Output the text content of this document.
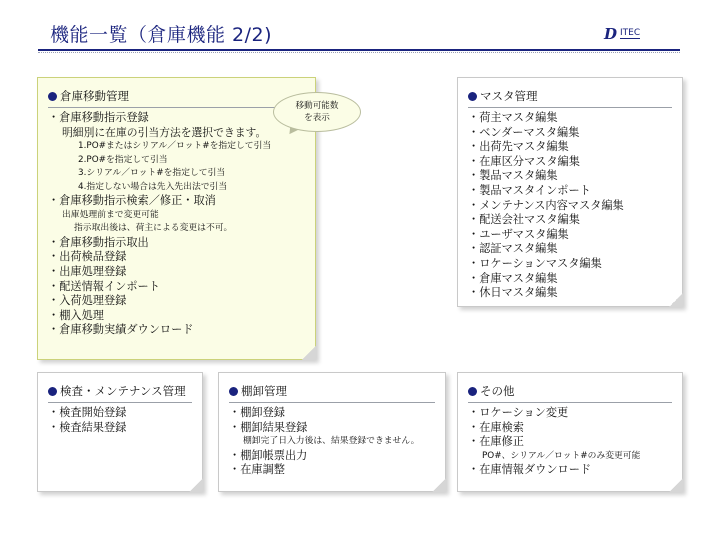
機能一覧（倉庫機能 2/2)	D ITEC
倉庫移動管理
・倉庫移動指示登録
明細別に在庫の引当方法を選択できます。
1.PO#またはシリアル／ロット#を指定して引当
2.PO#を指定して引当
3.シリアル／ロット#を指定して引当
4.指定しない場合は先入先出法で引当
・倉庫移動指示検索／修正・取消
出庫処理前まで変更可能
指示取出後は、荷主による変更は不可。
・倉庫移動指示取出
・出荷検品登録
・出庫処理登録
・配送情報インポート
・入荷処理登録
・棚入処理
・倉庫移動実績ダウンロード
移動可能数
を表示
マスタ管理
・荷主マスタ編集
・ベンダーマスタ編集
・出荷先マスタ編集
・在庫区分マスタ編集
・製品マスタ編集
・製品マスタインポート
・メンテナンス内容マスタ編集
・配送会社マスタ編集
・ユーザマスタ編集
・認証マスタ編集
・ロケーションマスタ編集
・倉庫マスタ編集
・休日マスタ編集
検査・メンテナンス管理
・検査開始登録
・検査結果登録
棚卸管理
・棚卸登録
・棚卸結果登録
棚卸完了日入力後は、結果登録できません。
・棚卸帳票出力
・在庫調整
その他
・ロケーション変更
・在庫検索
・在庫修正
PO#、シリアル／ロット#のみ変更可能
・在庫情報ダウンロード
